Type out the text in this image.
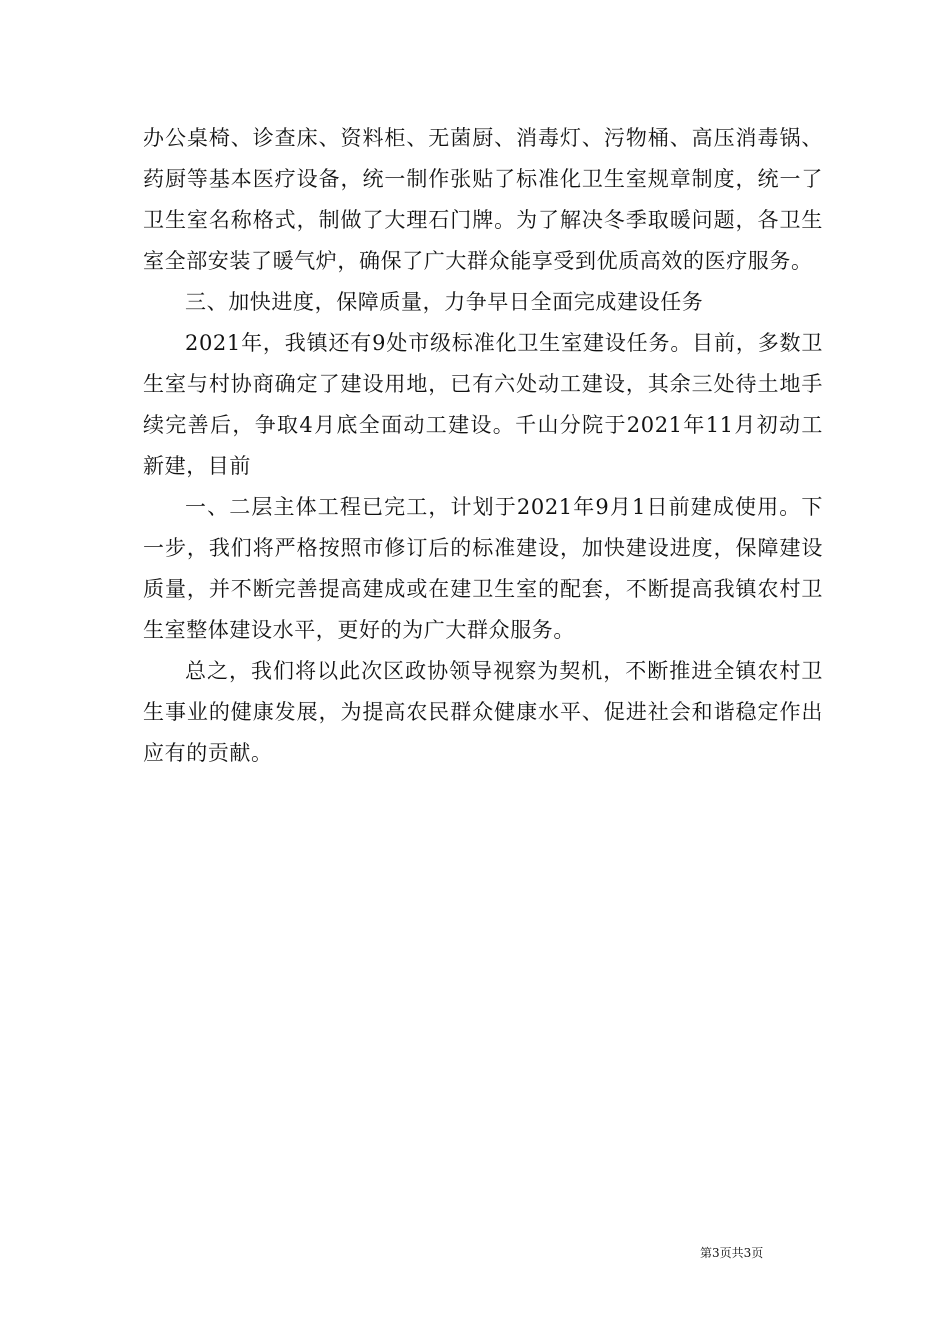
办公桌椅、诊查床、资料柜、无菌厨、消毒灯、污物桶、高压消毒锅、药厨等基本医疗设备，统一制作张贴了标准化卫生室规章制度，统一了卫生室名称格式，制做了大理石门牌。为了解决冬季取暖问题，各卫生室全部安装了暖气炉，确保了广大群众能享受到优质高效的医疗服务。

三、加快进度，保障质量，力争早日全面完成建设任务

2021年，我镇还有9处市级标准化卫生室建设任务。目前，多数卫生室与村协商确定了建设用地，已有六处动工建设，其余三处待土地手续完善后，争取4月底全面动工建设。千山分院于2021年11月初动工新建，目前

一、二层主体工程已完工，计划于2021年9月1日前建成使用。下一步，我们将严格按照市修订后的标准建设，加快建设进度，保障建设质量，并不断完善提高建成或在建卫生室的配套，不断提高我镇农村卫生室整体建设水平，更好的为广大群众服务。

总之，我们将以此次区政协领导视察为契机，不断推进全镇农村卫生事业的健康发展，为提高农民群众健康水平、促进社会和谐稳定作出应有的贡献。

第3页共3页
